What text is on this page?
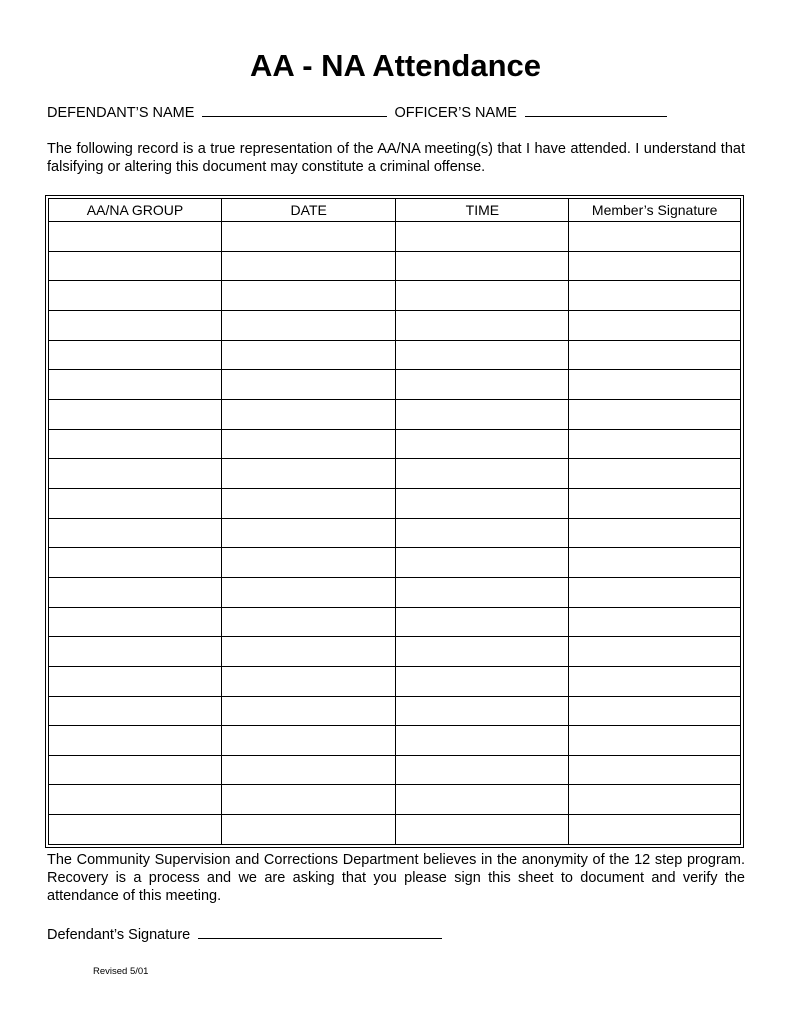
AA - NA Attendance
DEFENDANT’S NAME	OFFICER’S NAME
The following record is a true representation of the AA/NA meeting(s) that I have attended. I understand that falsifying or altering this document may constitute a criminal offense.
AA/NA GROUP	DATE	TIME	Member’s Signature

The Community Supervision and Corrections Department believes in the anonymity of the 12 step program. Recovery is a process and we are asking that you please sign this sheet to document and verify the attendance of this meeting.
Defendant’s Signature
Revised 5/01
